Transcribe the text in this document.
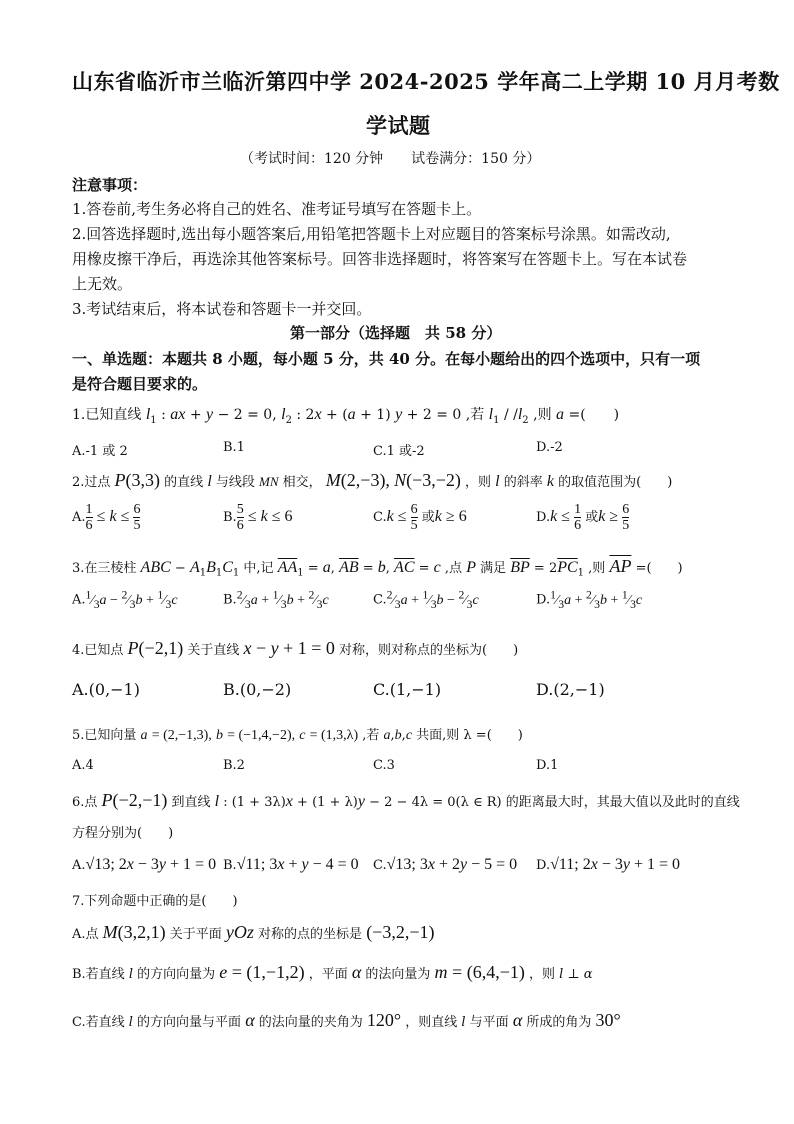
山东省临沂市兰临沂第四中学 2024-2025 学年高二上学期 10 月月考数
学试题
（考试时间：120 分钟　　试卷满分：150 分）
注意事项：
1.答卷前,考生务必将自己的姓名、准考证号填写在答题卡上。
2.回答选择题时,选出每小题答案后,用铅笔把答题卡上对应题目的答案标号涂黑。如需改动,
用橡皮擦干净后，再选涂其他答案标号。回答非选择题时，将答案写在答题卡上。写在本试卷
上无效。
3.考试结束后，将本试卷和答题卡一并交回。
第一部分（选择题　共 58 分）
一、单选题：本题共 8 小题，每小题 5 分，共 40 分。在每小题给出的四个选项中，只有一项
是符合题目要求的。
1.已知直线 $l_1$ : ax + y − 2 = 0, $l_2$ : 2x + (a + 1) y + 2 = 0 ,若 $l_1 / /l_2$ ,则 a =(　　)
A.-1 或 2	B.1	C.1 或-2	D.-2
2.过点 P(3,3) 的直线 l 与线段 MN 相交， M(2,−3), N(−3,−2) ，则 l 的斜率 k 的取值范围为(　　)
A. $\frac{1}{6} \le k \le \frac{6}{5}$	B. $\frac{5}{6} \le k \le 6$	$C.k \le \frac{6}{5}$ 或k ≥ 6	$D.k \le \frac{1}{6}$ 或$k \ge \frac{6}{5}$
3.在三棱柱 ABC − $A_1B_1C_1$ 中,记 $\overline{AA}_1 = a$, $\overline{AB} = b$, $\overline{AC} = c$ ,点 P 满足 $\overline{BP} = 2\overline{PC}_1$ ,则 $\overline{AP}$ =(　　)
$A.^1⁄_3a$ − $^2⁄_3b$ + $^1⁄_3c$	$B.^2⁄_3a$ + $^1⁄_3b$ + $^2⁄_3c$	$C.^2⁄_3a$ + $^1⁄_3b$ − $^2⁄_3c$	$D.^1⁄_3a$ + $^2⁄_3b$ + $^1⁄_3c$
4.已知点 P(−2,1) 关于直线 x − y + 1 = 0 对称，则对称点的坐标为(　　)
A.(0,−1)	B.(0,−2)	C.(1,−1)	D.(2,−1)
5.已知向量 a = (2,−1,3), b = (−1,4,−2), c = (1,3,λ) ,若 a,b,c 共面,则 λ =(　　)
A.4	B.2	C.3	D.1
6.点 P(−2,−1) 到直线 l : (1 + 3λ)x + (1 + λ)y − 2 − 4λ = 0(λ ∈ R) 的距离最大时，其最大值以及此时的直线
方程分别为(　　)
A.√13; 2x − 3y + 1 = 0 B.√11; 3x + y − 4 = 0 C.√13; 3x + 2y − 5 = 0 D.√11; 2x − 3y + 1 = 0
7.下列命题中正确的是(　　)
A.点 M(3,2,1) 关于平面 yOz 对称的点的坐标是 (−3,2,−1)
B.若直线 l 的方向向量为 e = (1,−1,2) ，平面 α 的法向量为 m = (6,4,−1) ，则 l ⊥ α
C.若直线 l 的方向向量与平面 α 的法向量的夹角为 120° ，则直线 l 与平面 α 所成的角为 30°
